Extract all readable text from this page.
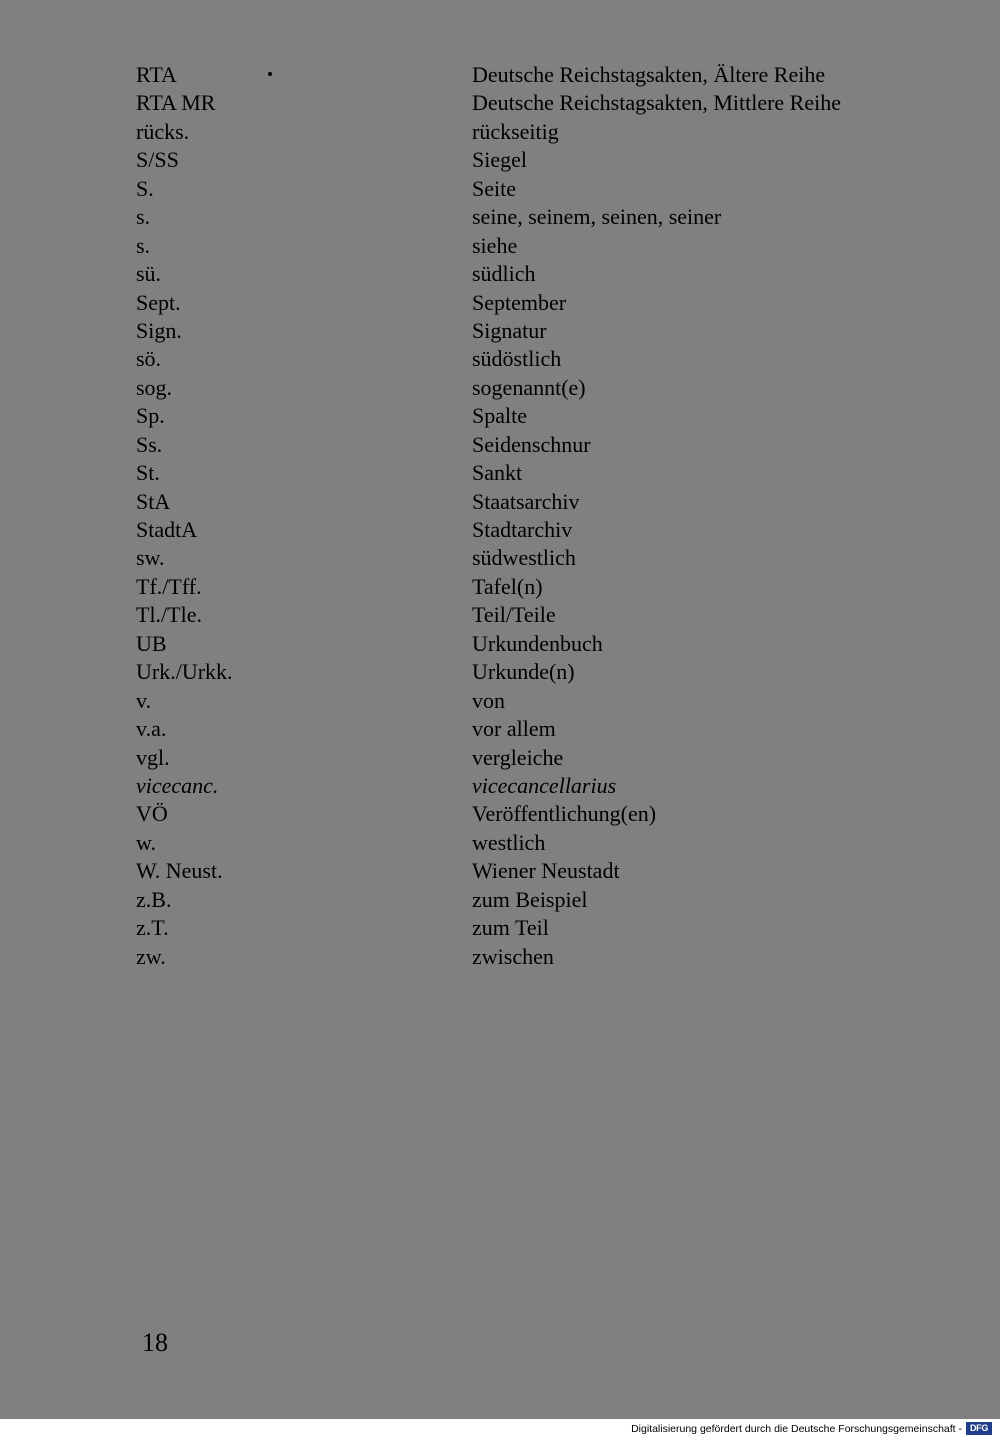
RTA	Deutsche Reichstagsakten, Ältere Reihe
RTA MR	Deutsche Reichstagsakten, Mittlere Reihe
rücks.	rückseitig
S/SS	Siegel
S.	Seite
s.	seine, seinem, seinen, seiner
s.	siehe
sü.	südlich
Sept.	September
Sign.	Signatur
sö.	südöstlich
sog.	sogenannt(e)
Sp.	Spalte
Ss.	Seidenschnur
St.	Sankt
StA	Staatsarchiv
StadtA	Stadtarchiv
sw.	südwestlich
Tf./Tff.	Tafel(n)
Tl./Tle.	Teil/Teile
UB	Urkundenbuch
Urk./Urkk.	Urkunde(n)
v.	von
v.a.	vor allem
vgl.	vergleiche
vicecanc.	vicecancellarius
VÖ	Veröffentlichung(en)
w.	westlich
W. Neust.	Wiener Neustadt
z.B.	zum Beispiel
z.T.	zum Teil
zw.	zwischen
18
Digitalisierung gefördert durch die Deutsche Forschungsgemeinschaft - DFG
